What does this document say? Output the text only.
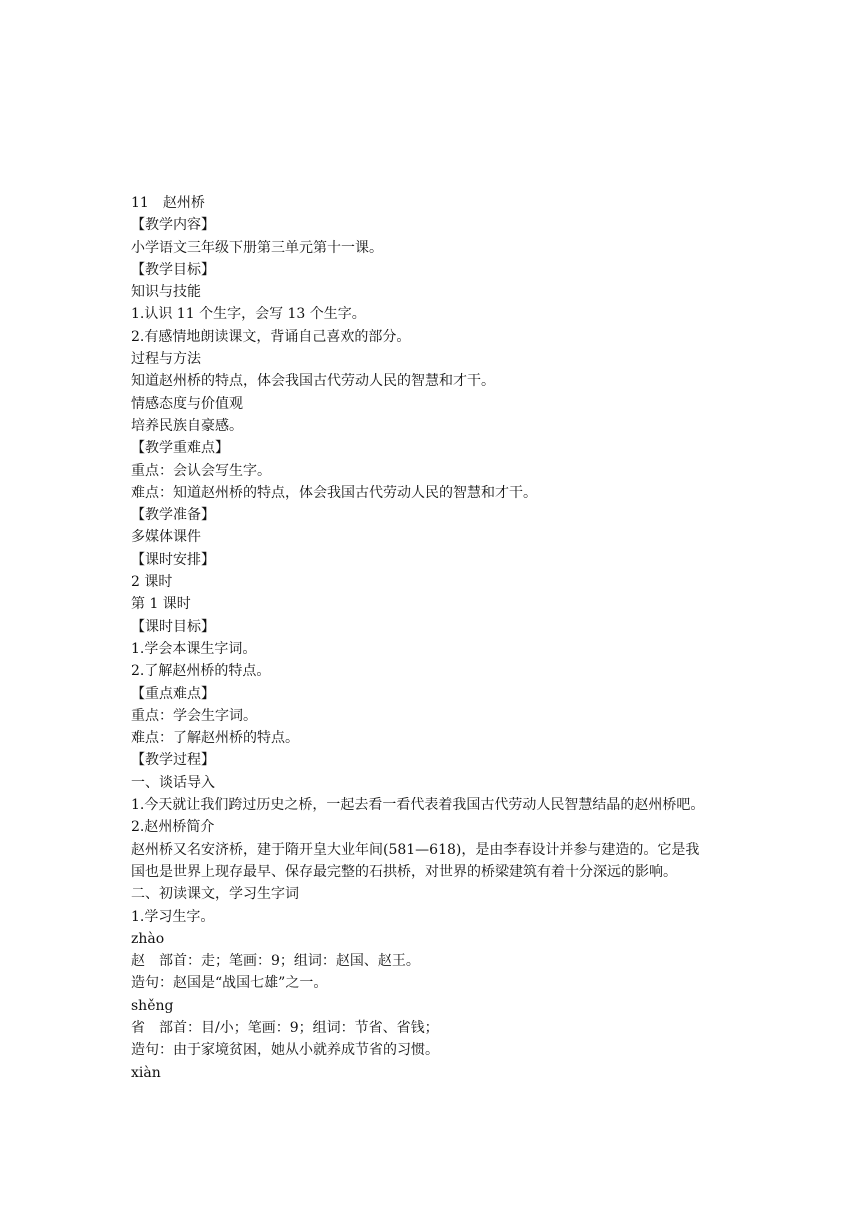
11　赵州桥
【教学内容】
小学语文三年级下册第三单元第十一课。
【教学目标】
知识与技能
1.认识 11 个生字，会写 13 个生字。
2.有感情地朗读课文，背诵自己喜欢的部分。
过程与方法
知道赵州桥的特点，体会我国古代劳动人民的智慧和才干。
情感态度与价值观
培养民族自豪感。
【教学重难点】
重点：会认会写生字。
难点：知道赵州桥的特点，体会我国古代劳动人民的智慧和才干。
【教学准备】
多媒体课件
【课时安排】
2 课时
第 1 课时
【课时目标】
1.学会本课生字词。
2.了解赵州桥的特点。
【重点难点】
重点：学会生字词。
难点：了解赵州桥的特点。
【教学过程】
一、谈话导入
1.今天就让我们跨过历史之桥，一起去看一看代表着我国古代劳动人民智慧结晶的赵州桥吧。
2.赵州桥简介
赵州桥又名安济桥，建于隋开皇大业年间(581—618)，是由李春设计并参与建造的。它是我
国也是世界上现存最早、保存最完整的石拱桥，对世界的桥梁建筑有着十分深远的影响。
二、初读课文，学习生字词
1.学习生字。
zhào
赵　部首：走；笔画：9；组词：赵国、赵王。
造句：赵国是“战国七雄”之一。
shěng
省　部首：目/小；笔画：9；组词：节省、省钱；
造句：由于家境贫困，她从小就养成节省的习惯。
xiàn
